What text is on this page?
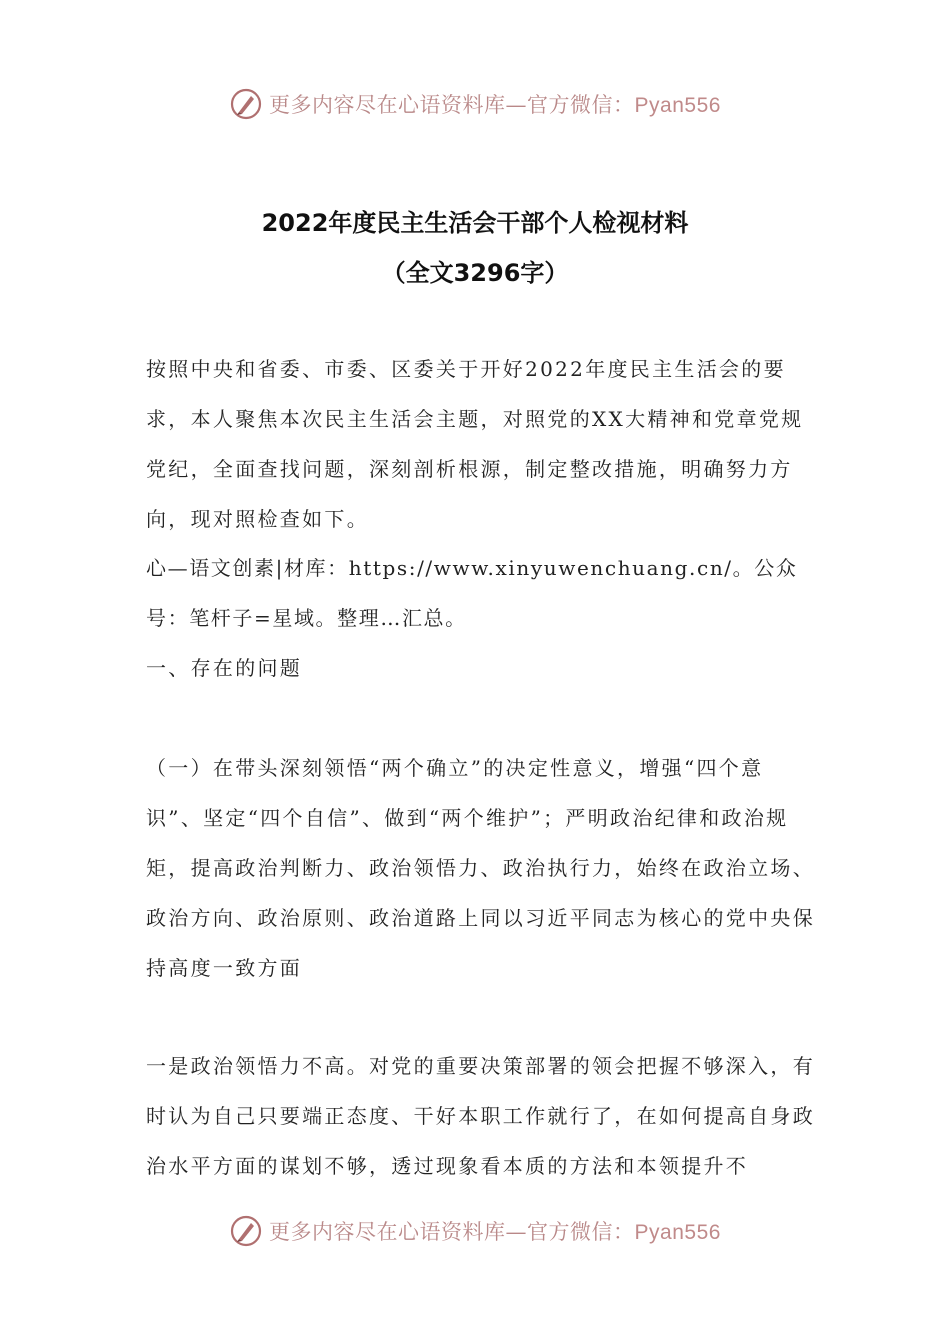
更多内容尽在心语资料库—官方微信：Pyan556
2022年度民主生活会干部个人检视材料
（全文3296字）

按照中央和省委、市委、区委关于开好2022年度民主生活会的要求，本人聚焦本次民主生活会主题，对照党的XX大精神和党章党规党纪，全面查找问题，深刻剖析根源，制定整改措施，明确努力方向，现对照检查如下。

心—语文创素|材库：https://www.xinyuwenchuang.cn/。公众号：笔杆子=星域。整理…汇总。

一、存在的问题

（一）在带头深刻领悟“两个确立”的决定性意义，增强“四个意识”、坚定“四个自信”、做到“两个维护”；严明政治纪律和政治规矩，提高政治判断力、政治领悟力、政治执行力，始终在政治立场、政治方向、政治原则、政治道路上同以习近平同志为核心的党中央保持高度一致方面

一是政治领悟力不高。对党的重要决策部署的领会把握不够深入，有时认为自己只要端正态度、干好本职工作就行了，在如何提高自身政治水平方面的谋划不够，透过现象看本质的方法和本领提升不

更多内容尽在心语资料库—官方微信：Pyan556
